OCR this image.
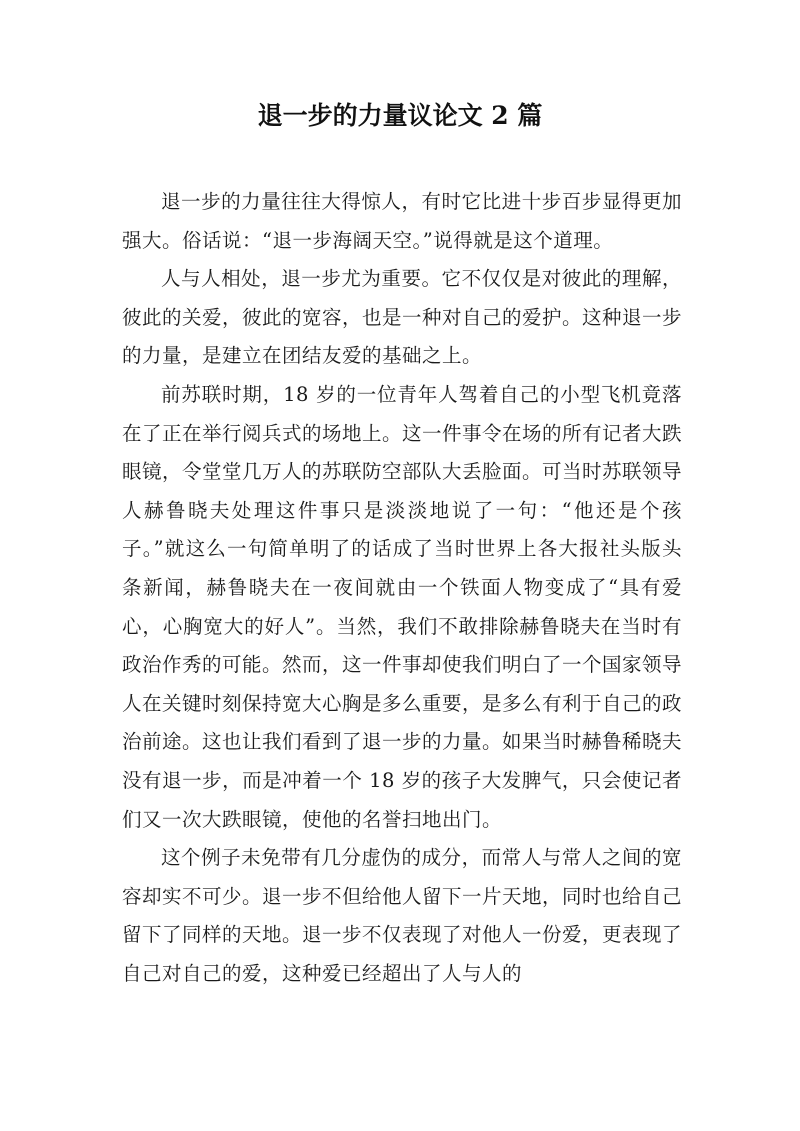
退一步的力量议论文 2 篇

退一步的力量往往大得惊人，有时它比进十步百步显得更加强大。俗话说：“退一步海阔天空。”说得就是这个道理。

人与人相处，退一步尤为重要。它不仅仅是对彼此的理解，彼此的关爱，彼此的宽容，也是一种对自己的爱护。这种退一步的力量，是建立在团结友爱的基础之上。

前苏联时期，18 岁的一位青年人驾着自己的小型飞机竟落在了正在举行阅兵式的场地上。这一件事令在场的所有记者大跌眼镜，令堂堂几万人的苏联防空部队大丢脸面。可当时苏联领导人赫鲁晓夫处理这件事只是淡淡地说了一句：“他还是个孩子。”就这么一句简单明了的话成了当时世界上各大报社头版头条新闻，赫鲁晓夫在一夜间就由一个铁面人物变成了“具有爱心，心胸宽大的好人”。当然，我们不敢排除赫鲁晓夫在当时有政治作秀的可能。然而，这一件事却使我们明白了一个国家领导人在关键时刻保持宽大心胸是多么重要，是多么有利于自己的政治前途。这也让我们看到了退一步的力量。如果当时赫鲁稀晓夫没有退一步，而是冲着一个 18 岁的孩子大发脾气，只会使记者们又一次大跌眼镜，使他的名誉扫地出门。

这个例子未免带有几分虚伪的成分，而常人与常人之间的宽容却实不可少。退一步不但给他人留下一片天地，同时也给自己留下了同样的天地。退一步不仅表现了对他人一份爱，更表现了自己对自己的爱，这种爱已经超出了人与人的
